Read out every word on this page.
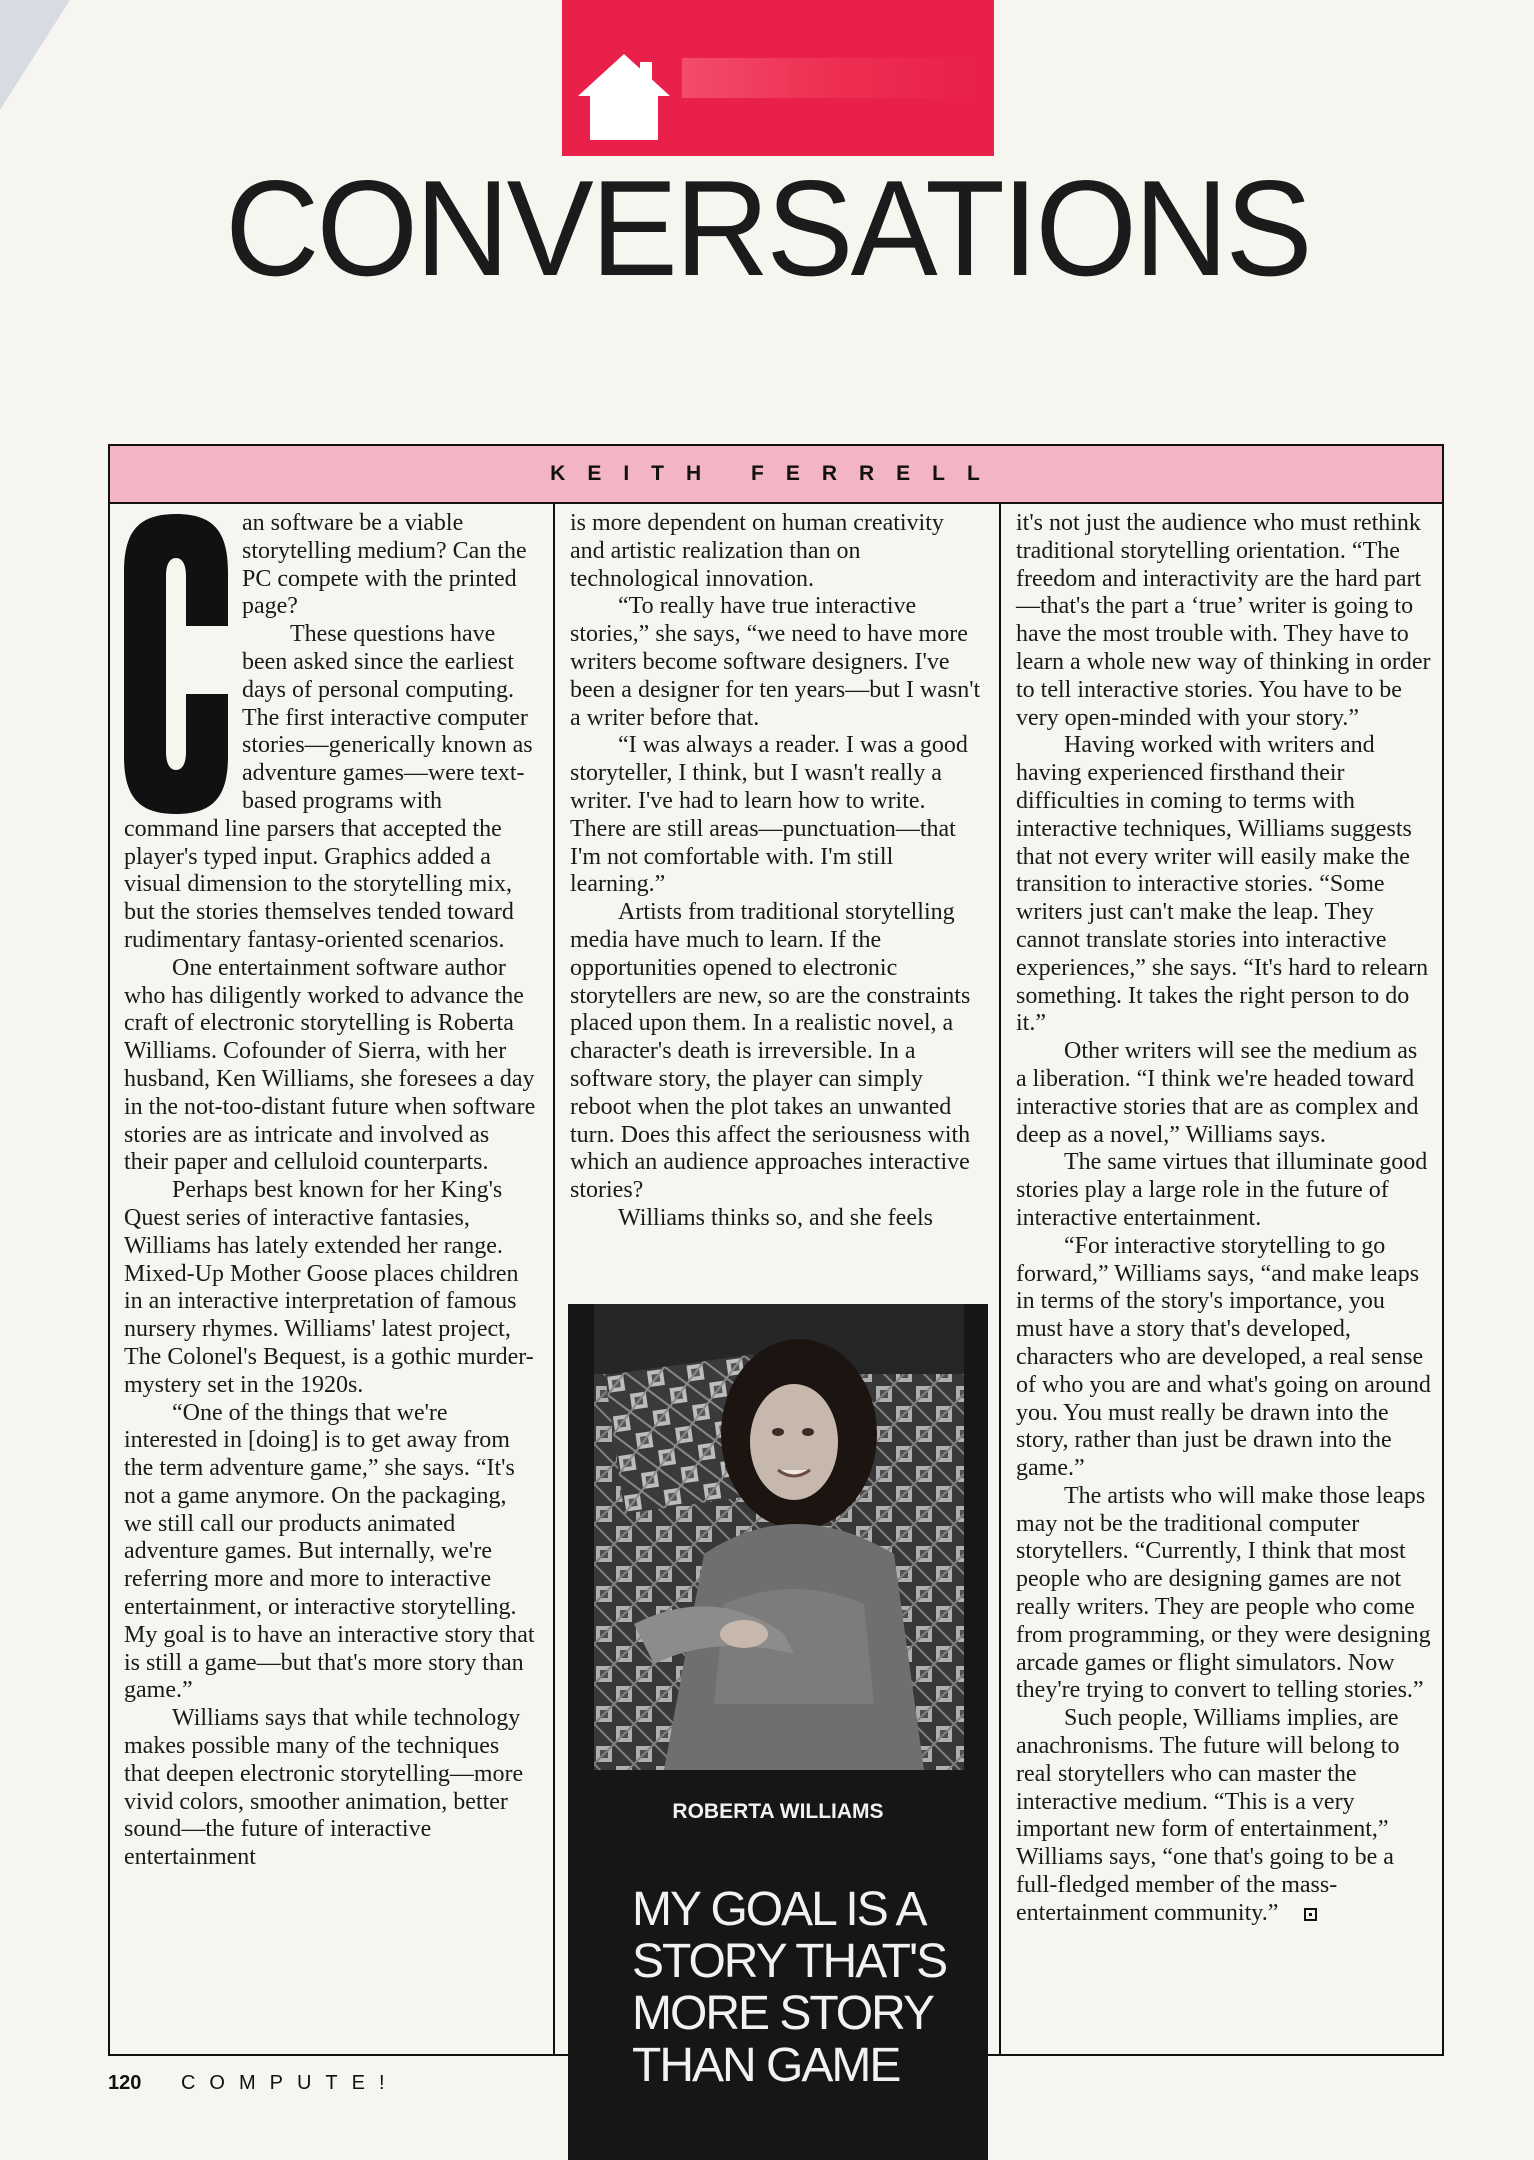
CONVERSATIONS
KEITH FERRELL

an software be a viable storytelling medium? Can the PC compete with the printed page?

These questions have been asked since the earliest days of personal computing. The first interactive computer stories—generically known as adventure games—were text-based programs with command line parsers that accepted the player's typed input. Graphics added a visual dimension to the storytelling mix, but the stories themselves tended toward rudimentary fantasy-oriented scenarios.

One entertainment software author who has diligently worked to advance the craft of electronic storytelling is Roberta Williams. Cofounder of Sierra, with her husband, Ken Williams, she foresees a day in the not-too-distant future when software stories are as intricate and involved as their paper and celluloid counterparts.

Perhaps best known for her King's Quest series of interactive fantasies, Williams has lately extended her range. Mixed-Up Mother Goose places children in an interactive interpretation of famous nursery rhymes. Williams' latest project, The Colonel's Bequest, is a gothic murder-mystery set in the 1920s.

“One of the things that we're interested in [doing] is to get away from the term adventure game,” she says. “It's not a game anymore. On the packaging, we still call our products animated adventure games. But internally, we're referring more and more to interactive entertainment, or interactive storytelling. My goal is to have an interactive story that is still a game—but that's more story than game.”

Williams says that while technology makes possible many of the techniques that deepen electronic storytelling—more vivid colors, smoother animation, better sound—the future of interactive entertainment

is more dependent on human creativity and artistic realization than on technological innovation.

“To really have true interactive stories,” she says, “we need to have more writers become software designers. I've been a designer for ten years—but I wasn't a writer before that.

“I was always a reader. I was a good storyteller, I think, but I wasn't really a writer. I've had to learn how to write. There are still areas—punctuation—that I'm not comfortable with. I'm still learning.”

Artists from traditional storytelling media have much to learn. If the opportunities opened to electronic storytellers are new, so are the constraints placed upon them. In a realistic novel, a character's death is irreversible. In a software story, the player can simply reboot when the plot takes an unwanted turn. Does this affect the seriousness with which an audience approaches interactive stories?

Williams thinks so, and she feels

ROBERTA WILLIAMS
MY GOAL IS A
STORY THAT'S
MORE STORY
THAN GAME

it's not just the audience who must rethink traditional storytelling orientation. “The freedom and interactivity are the hard part—that's the part a ‘true’ writer is going to have the most trouble with. They have to learn a whole new way of thinking in order to tell interactive stories. You have to be very open-minded with your story.”

Having worked with writers and having experienced firsthand their difficulties in coming to terms with interactive techniques, Williams suggests that not every writer will easily make the transition to interactive stories. “Some writers just can't make the leap. They cannot translate stories into interactive experiences,” she says. “It's hard to relearn something. It takes the right person to do it.”

Other writers will see the medium as a liberation. “I think we're headed toward interactive stories that are as complex and deep as a novel,” Williams says.

The same virtues that illuminate good stories play a large role in the future of interactive entertainment.

“For interactive storytelling to go forward,” Williams says, “and make leaps in terms of the story's importance, you must have a story that's developed, characters who are developed, a real sense of who you are and what's going on around you. You must really be drawn into the story, rather than just be drawn into the game.”

The artists who will make those leaps may not be the traditional computer storytellers. “Currently, I think that most people who are designing games are not really writers. They are people who come from programming, or they were designing arcade games or flight simulators. Now they're trying to convert to telling stories.”

Such people, Williams implies, are anachronisms. The future will belong to real storytellers who can master the interactive medium. “This is a very important new form of entertainment,” Williams says, “one that's going to be a full-fledged member of the mass-entertainment community.”

120 COMPUTE!
